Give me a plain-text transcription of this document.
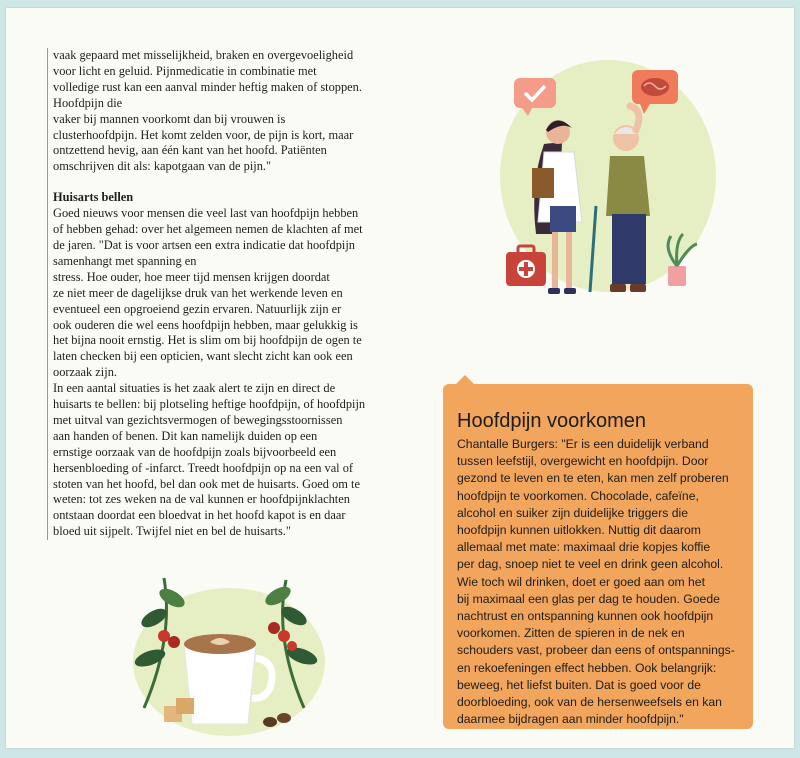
vaak gepaard met misselijkheid, braken en overgevoeligheid

voor licht en geluid. Pijnmedicatie in combinatie met

volledige rust kan een aanval minder heftig maken of stoppen.

Hoofdpijn die

vaker bij mannen voorkomt dan bij vrouwen is

clusterhoofdpijn. Het komt zelden voor, de pijn is kort, maar

ontzettend hevig, aan één kant van het hoofd. Patiënten

omschrijven dit als: kapotgaan van de pijn."

Huisarts bellen

Goed nieuws voor mensen die veel last van hoofdpijn hebben

of hebben gehad: over het algemeen nemen de klachten af met

de jaren. "Dat is voor artsen een extra indicatie dat hoofdpijn

samenhangt met spanning en

stress. Hoe ouder, hoe meer tijd mensen krijgen doordat

ze niet meer de dagelijkse druk van het werkende leven en

eventueel een opgroeiend gezin ervaren. Natuurlijk zijn er

ook ouderen die wel eens hoofdpijn hebben, maar gelukkig is

het bijna nooit ernstig. Het is slim om bij hoofdpijn de ogen te

laten checken bij een opticien, want slecht zicht kan ook een

oorzaak zijn.

In een aantal situaties is het zaak alert te zijn en direct de

huisarts te bellen: bij plotseling heftige hoofdpijn, of hoofdpijn

met uitval van gezichtsvermogen of bewegingsstoornissen

aan handen of benen. Dit kan namelijk duiden op een

ernstige oorzaak van de hoofdpijn zoals bijvoorbeeld een

hersenbloeding of -infarct. Treedt hoofdpijn op na een val of

stoten van het hoofd, bel dan ook met de huisarts. Goed om te

weten: tot zes weken na de val kunnen er hoofdpijnklachten

ontstaan doordat een bloedvat in het hoofd kapot is en daar

bloed uit sijpelt. Twijfel niet en bel de huisarts."

Hoofdpijn voorkomen

Chantalle Burgers: "Er is een duidelijk verband

tussen leefstijl, overgewicht en hoofdpijn. Door

gezond te leven en te eten, kan men zelf proberen

hoofdpijn te voorkomen. Chocolade, cafeïne,

alcohol en suiker zijn duidelijke triggers die

hoofdpijn kunnen uitlokken. Nuttig dit daarom

allemaal met mate: maximaal drie kopjes koffie

per dag, snoep niet te veel en drink geen alcohol.

Wie toch wil drinken, doet er goed aan om het

bij maximaal een glas per dag te houden. Goede

nachtrust en ontspanning kunnen ook hoofdpijn

voorkomen. Zitten de spieren in de nek en

schouders vast, probeer dan eens of ontspannings-

en rekoefeningen effect hebben. Ook belangrijk:

beweeg, het liefst buiten. Dat is goed voor de

doorbloeding, ook van de hersenweefsels en kan

daarmee bijdragen aan minder hoofdpijn."
